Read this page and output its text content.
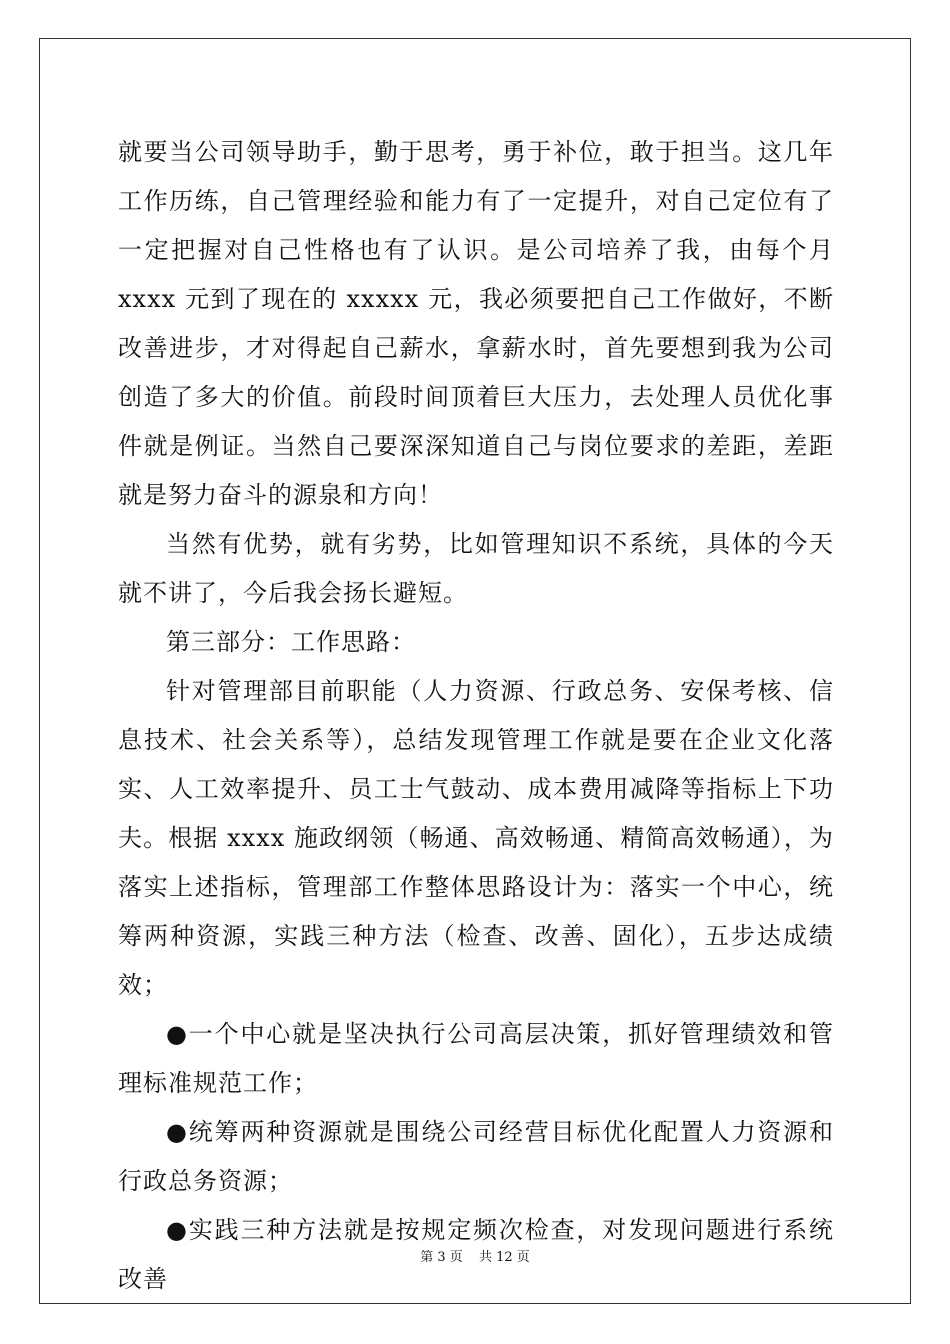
就要当公司领导助手，勤于思考，勇于补位，敢于担当。这几年工作历练，自己管理经验和能力有了一定提升，对自己定位有了一定把握对自己性格也有了认识。是公司培养了我，由每个月 xxxx 元到了现在的 xxxxx 元，我必须要把自己工作做好，不断改善进步，才对得起自己薪水，拿薪水时，首先要想到我为公司创造了多大的价值。前段时间顶着巨大压力，去处理人员优化事件就是例证。当然自己要深深知道自己与岗位要求的差距，差距就是努力奋斗的源泉和方向！

当然有优势，就有劣势，比如管理知识不系统，具体的今天就不讲了，今后我会扬长避短。

第三部分：工作思路：

针对管理部目前职能（人力资源、行政总务、安保考核、信息技术、社会关系等），总结发现管理工作就是要在企业文化落实、人工效率提升、员工士气鼓动、成本费用减降等指标上下功夫。根据 xxxx 施政纲领（畅通、高效畅通、精简高效畅通），为落实上述指标，管理部工作整体思路设计为：落实一个中心，统筹两种资源，实践三种方法（检查、改善、固化），五步达成绩效；

●一个中心就是坚决执行公司高层决策，抓好管理绩效和管理标准规范工作；

●统筹两种资源就是围绕公司经营目标优化配置人力资源和行政总务资源；

●实践三种方法就是按规定频次检查，对发现问题进行系统改善

第 3 页 共 12 页
